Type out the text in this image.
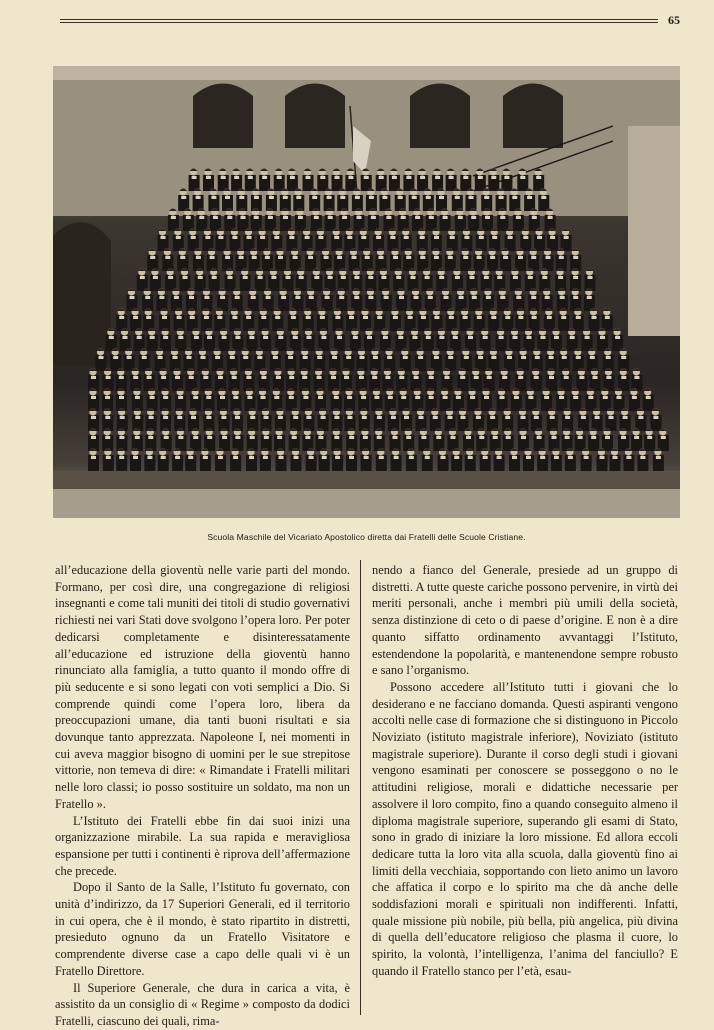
65
Scuola Maschile del Vicariato Apostolico diretta dai Fratelli delle Scuole Cristiane.

all’educazione della gioventù nelle varie parti del mondo. Formano, per così dire, una congregazione di religiosi insegnanti e come tali muniti dei titoli di studio governativi richiesti nei vari Stati dove svolgono l’opera loro. Per poter dedicarsi completamente e disinteressatamente all’educazione ed istruzione della gioventù hanno rinunciato alla famiglia, a tutto quanto il mondo offre di più seducente e si sono legati con voti semplici a Dio. Si comprende quindi come l’opera loro, libera da preoccupazioni umane, dia tanti buoni risultati e sia dovunque tanto apprezzata. Napoleone I, nei momenti in cui aveva maggior bisogno di uomini per le sue strepitose vittorie, non temeva di dire: « Rimandate i Fratelli militari nelle loro classi; io posso sostituire un soldato, ma non un Fratello ».

L’Istituto dei Fratelli ebbe fin dai suoi inizi una organizzazione mirabile. La sua rapida e meravigliosa espansione per tutti i continenti è riprova dell’affermazione che precede.

Dopo il Santo de la Salle, l’Istituto fu governato, con unità d’indirizzo, da 17 Superiori Generali, ed il territorio in cui opera, che è il mondo, è stato ripartito in distretti, presieduto ognuno da un Fratello Visitatore e comprendente diverse case a capo delle quali vi è un Fratello Direttore.

Il Superiore Generale, che dura in carica a vita, è assistito da un consiglio di « Regime » composto da dodici Fratelli, ciascuno dei quali, rima-

nendo a fianco del Generale, presiede ad un gruppo di distretti. A tutte queste cariche possono pervenire, in virtù dei meriti personali, anche i membri più umili della società, senza distinzione di ceto o di paese d’origine. E non è a dire quanto siffatto ordinamento avvantaggi l’Istituto, estendendone la popolarità, e mantenendone sempre robusto e sano l’organismo.

Possono accedere all’Istituto tutti i giovani che lo desiderano e ne facciano domanda. Questi aspiranti vengono accolti nelle case di formazione che si distinguono in Piccolo Noviziato (istituto magistrale inferiore), Noviziato (istituto magistrale superiore). Durante il corso degli studi i giovani vengono esaminati per conoscere se posseggono o no le attitudini religiose, morali e didattiche necessarie per assolvere il loro compito, fino a quando conseguito almeno il diploma magistrale superiore, superando gli esami di Stato, sono in grado di iniziare la loro missione. Ed allora eccoli dedicare tutta la loro vita alla scuola, dalla gioventù fino ai limiti della vecchiaia, sopportando con lieto animo un lavoro che affatica il corpo e lo spirito ma che dà anche delle soddisfazioni morali e spirituali non indifferenti. Infatti, quale missione più nobile, più bella, più angelica, più divina di quella dell’educatore religioso che plasma il cuore, lo spirito, la volontà, l’intelligenza, l’anima del fanciullo? E quando il Fratello stanco per l’età, esau-
